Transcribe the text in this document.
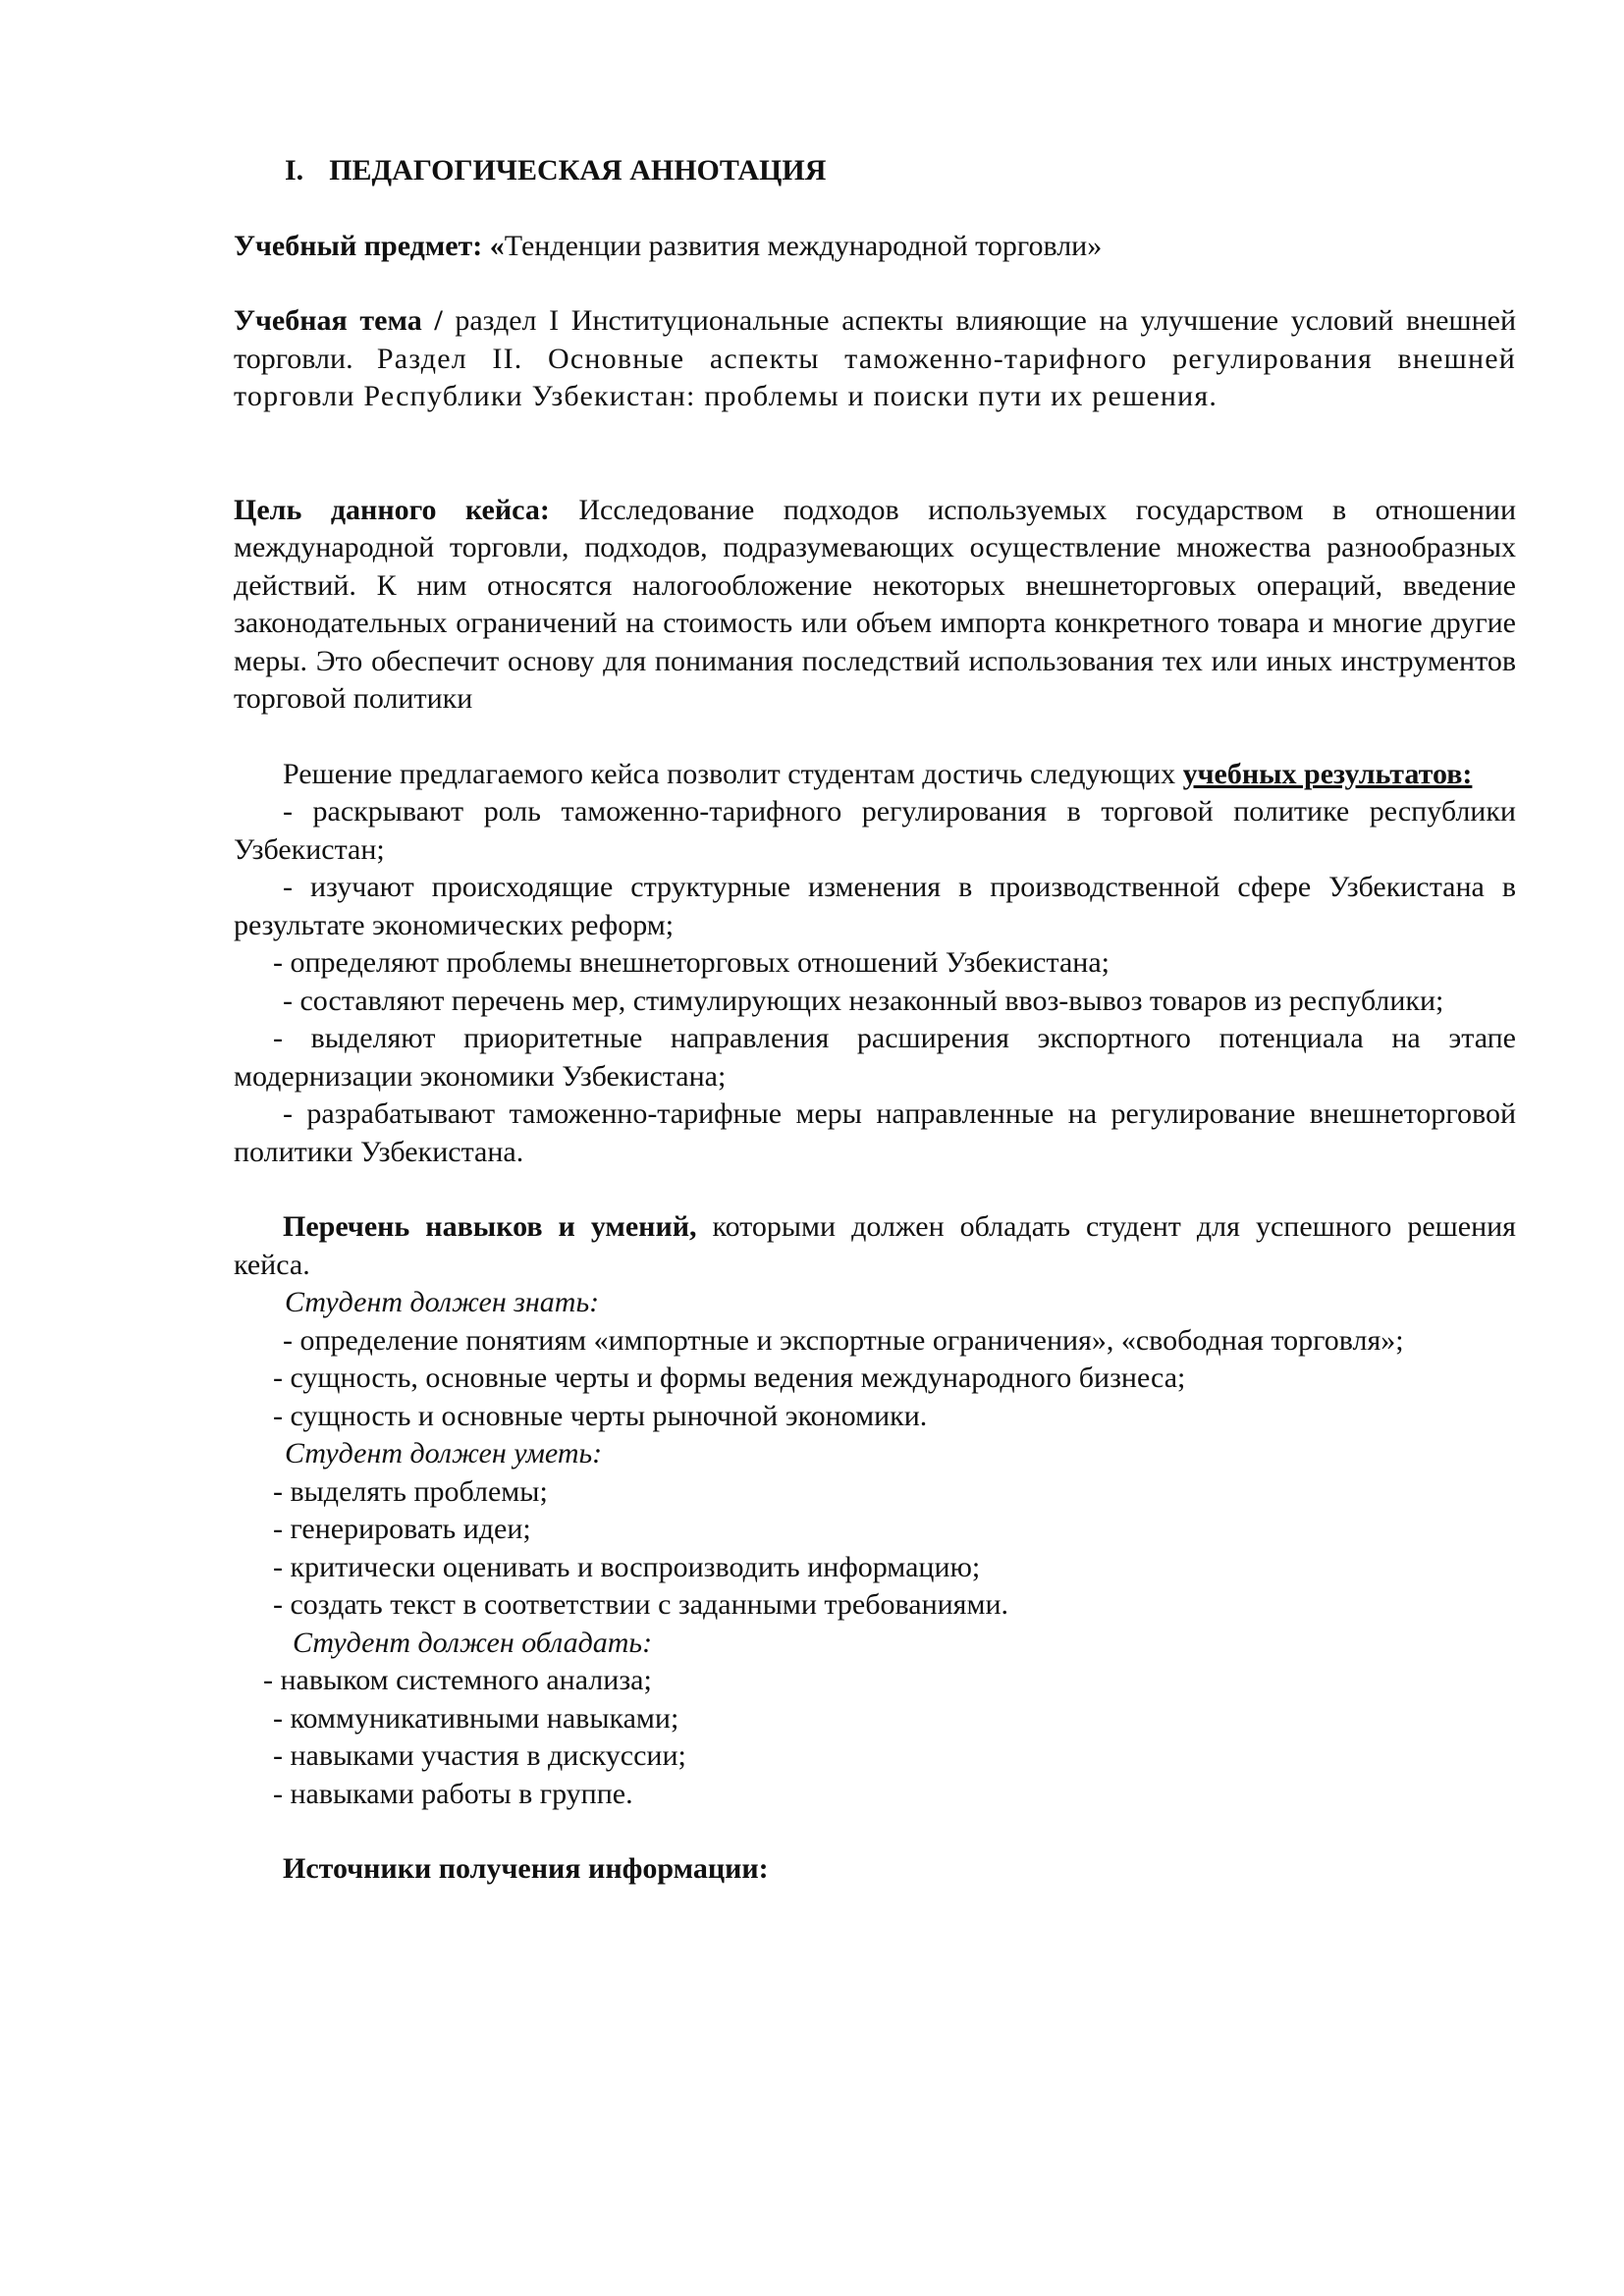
I. ПЕДАГОГИЧЕСКАЯ АННОТАЦИЯ

Учебный предмет: «Тенденции развития международной торговли»

Учебная тема / раздел I Институциональные аспекты влияющие на улучшение условий внешней торговли. Раздел II. Основные аспекты таможенно-тарифного регулирования внешней торговли Республики Узбекистан: проблемы и поиски пути их решения.

Цель данного кейса: Исследование подходов используемых государством в отношении международной торговли, подходов, подразумевающих осуществление множества разнообразных действий. К ним относятся налогообложение некоторых внешнеторговых операций, введение законодательных ограничений на стоимость или объем импорта конкретного товара и многие другие меры. Это обеспечит основу для понимания последствий использования тех или иных инструментов торговой политики

Решение предлагаемого кейса позволит студентам достичь следующих учебных результатов:

- раскрывают роль таможенно-тарифного регулирования в торговой политике республики Узбекистан;

- изучают происходящие структурные изменения в производственной сфере Узбекистана в результате экономических реформ;

- определяют проблемы внешнеторговых отношений Узбекистана;

- составляют перечень мер, стимулирующих незаконный ввоз-вывоз товаров из республики;

- выделяют приоритетные направления расширения экспортного потенциала на этапе модернизации экономики Узбекистана;

- разрабатывают таможенно-тарифные меры направленные на регулирование внешнеторговой политики Узбекистана.

Перечень навыков и умений, которыми должен обладать студент для успешного решения кейса.

Студент должен знать:

- определение понятиям «импортные и экспортные ограничения», «свободная торговля»;

- сущность, основные черты и формы ведения международного бизнеса;

- сущность и основные черты рыночной экономики.

Студент должен уметь:

- выделять проблемы;

- генерировать идеи;

- критически оценивать и воспроизводить информацию;

- создать текст в соответствии с заданными требованиями.

Студент должен обладать:

- навыком системного анализа;

- коммуникативными навыками;

- навыками участия в дискуссии;

- навыками работы в группе.

Источники получения информации:
